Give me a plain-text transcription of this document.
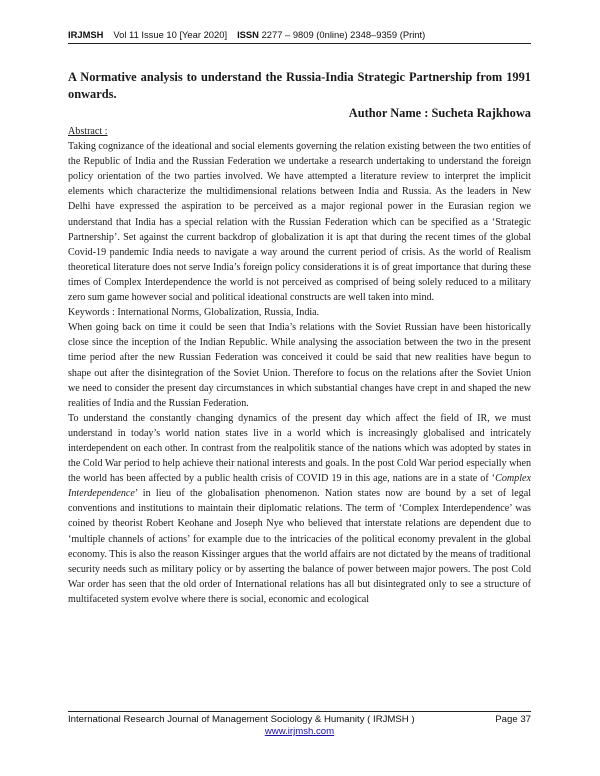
IRJMSH Vol 11 Issue 10 [Year 2020] ISSN 2277 – 9809 (0nline) 2348–9359 (Print)
A Normative analysis to understand the Russia-India Strategic Partnership from 1991 onwards.
Author Name : Sucheta Rajkhowa

Abstract :

Taking cognizance of the ideational and social elements governing the relation existing between the two entities of the Republic of India and the Russian Federation we undertake a research undertaking to understand the foreign policy orientation of the two parties involved. We have attempted a literature review to interpret the implicit elements which characterize the multidimensional relations between India and Russia. As the leaders in New Delhi have expressed the aspiration to be perceived as a major regional power in the Eurasian region we understand that India has a special relation with the Russian Federation which can be specified as a ‘Strategic Partnership’. Set against the current backdrop of globalization it is apt that during the recent times of the global Covid-19 pandemic India needs to navigate a way around the current period of crisis. As the world of Realism theoretical literature does not serve India’s foreign policy considerations it is of great importance that during these times of Complex Interdependence the world is not perceived as comprised of being solely reduced to a military zero sum game however social and political ideational constructs are well taken into mind.

Keywords : International Norms, Globalization, Russia, India.

When going back on time it could be seen that India’s relations with the Soviet Russian have been historically close since the inception of the Indian Republic. While analysing the association between the two in the present time period after the new Russian Federation was conceived it could be said that new realities have begun to shape out after the disintegration of the Soviet Union. Therefore to focus on the relations after the Soviet Union we need to consider the present day circumstances in which substantial changes have crept in and shaped the new realities of India and the Russian Federation.

To understand the constantly changing dynamics of the present day which affect the field of IR, we must understand in today’s world nation states live in a world which is increasingly globalised and intricately interdependent on each other. In contrast from the realpolitik stance of the nations which was adopted by states in the Cold War period to help achieve their national interests and goals. In the post Cold War period especially when the world has been affected by a public health crisis of COVID 19 in this age, nations are in a state of ‘Complex Interdependence’ in lieu of the globalisation phenomenon. Nation states now are bound by a set of legal conventions and institutions to maintain their diplomatic relations. The term of ‘Complex Interdependence’ was coined by theorist Robert Keohane and Joseph Nye who believed that interstate relations are dependent due to ‘multiple channels of actions’ for example due to the intricacies of the political economy prevalent in the global economy. This is also the reason Kissinger argues that the world affairs are not dictated by the means of traditional security needs such as military policy or by asserting the balance of power between major powers. The post Cold War order has seen that the old order of International relations has all but disintegrated only to see a structure of multifaceted system evolve where there is social, economic and ecological

International Research Journal of Management Sociology & Humanity ( IRJMSH )	Page 37
www.irjmsh.com
